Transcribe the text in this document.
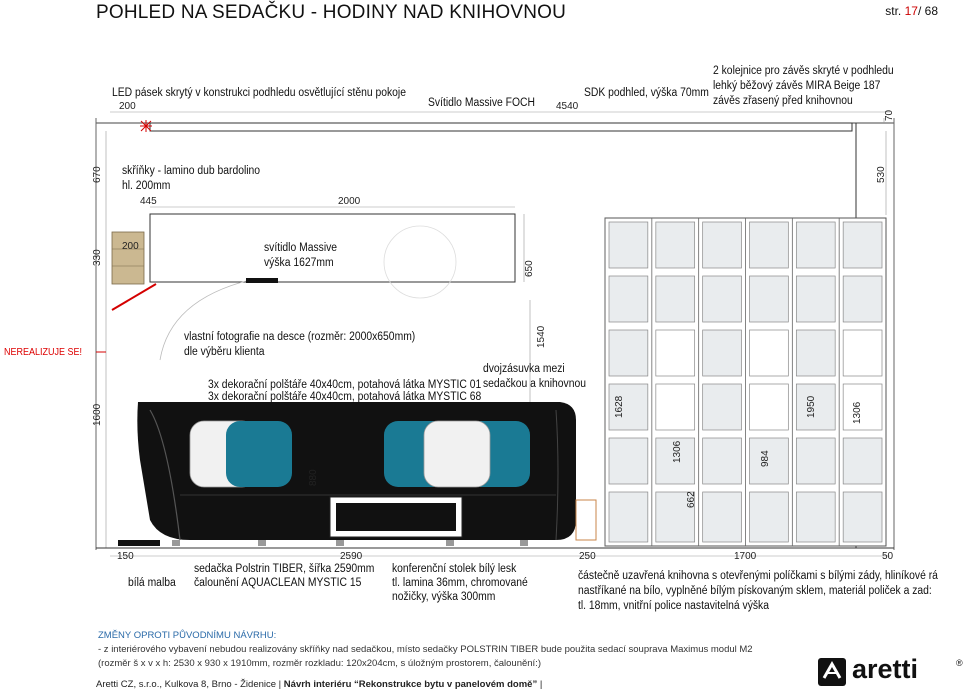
POHLED NA SEDAČKU - HODINY NAD KNIHOVNOU	str. 17/ 68
LED pásek skrytý v konstrukci podhledu osvětlující stěnu pokoje
Svítidlo Massive FOCH
SDK podhled, výška 70mm
2 kolejnice pro závěs skryté v podhledu
lehký běžový závěs MIRA Beige 187
závěs zřasený před knihovnou
skříňky - lamino dub bardolino
hl. 200mm
svítidlo Massive
výška 1627mm
NEREALIZUJE SE!
vlastní fotografie na desce (rozměr: 2000x650mm)
dle výběru klienta
3x dekorační polštáře 40x40cm, potahová látka MYSTIC 01
3x dekorační polštáře 40x40cm, potahová látka MYSTIC 68
dvojzásuvka mezi
sedačkou a knihovnou
bílá malba
sedačka Polstrin TIBER, šířka 2590mm
čalounění AQUACLEAN MYSTIC 15
konferenční stolek bílý lesk
tl. lamina 36mm, chromované
nožičky, výška 300mm
částečně uzavřená knihovna s otevřenými políčkami s bílými zády, hliníkové rá
nastříkané na bílo, vyplněné bílým pískovaným sklem, materiál poliček a zad:
tl. 18mm, vnitřní police nastavitelná výška
200	4540
70
670	530
445	2000
330
200
650
1540
1600	1628	1950	1306
1306	984
662
880
150	2590	250	1700	50
ZMĚNY OPROTI PŮVODNÍMU NÁVRHU:
- z interiérového vybavení nebudou realizovány skříňky nad sedačkou, místo sedačky POLSTRIN TIBER bude použita sedací souprava Maximus modul M2
(rozměr š x v x h: 2530 x 930 x 1910mm, rozměr rozkladu: 120x204cm, s úložným prostorem, čalounění:)
Aretti CZ, s.r.o., Kulkova 8, Brno - Židenice | Návrh interiéru “Rekonstrukce bytu v panelovém domě” |
aretti	®
